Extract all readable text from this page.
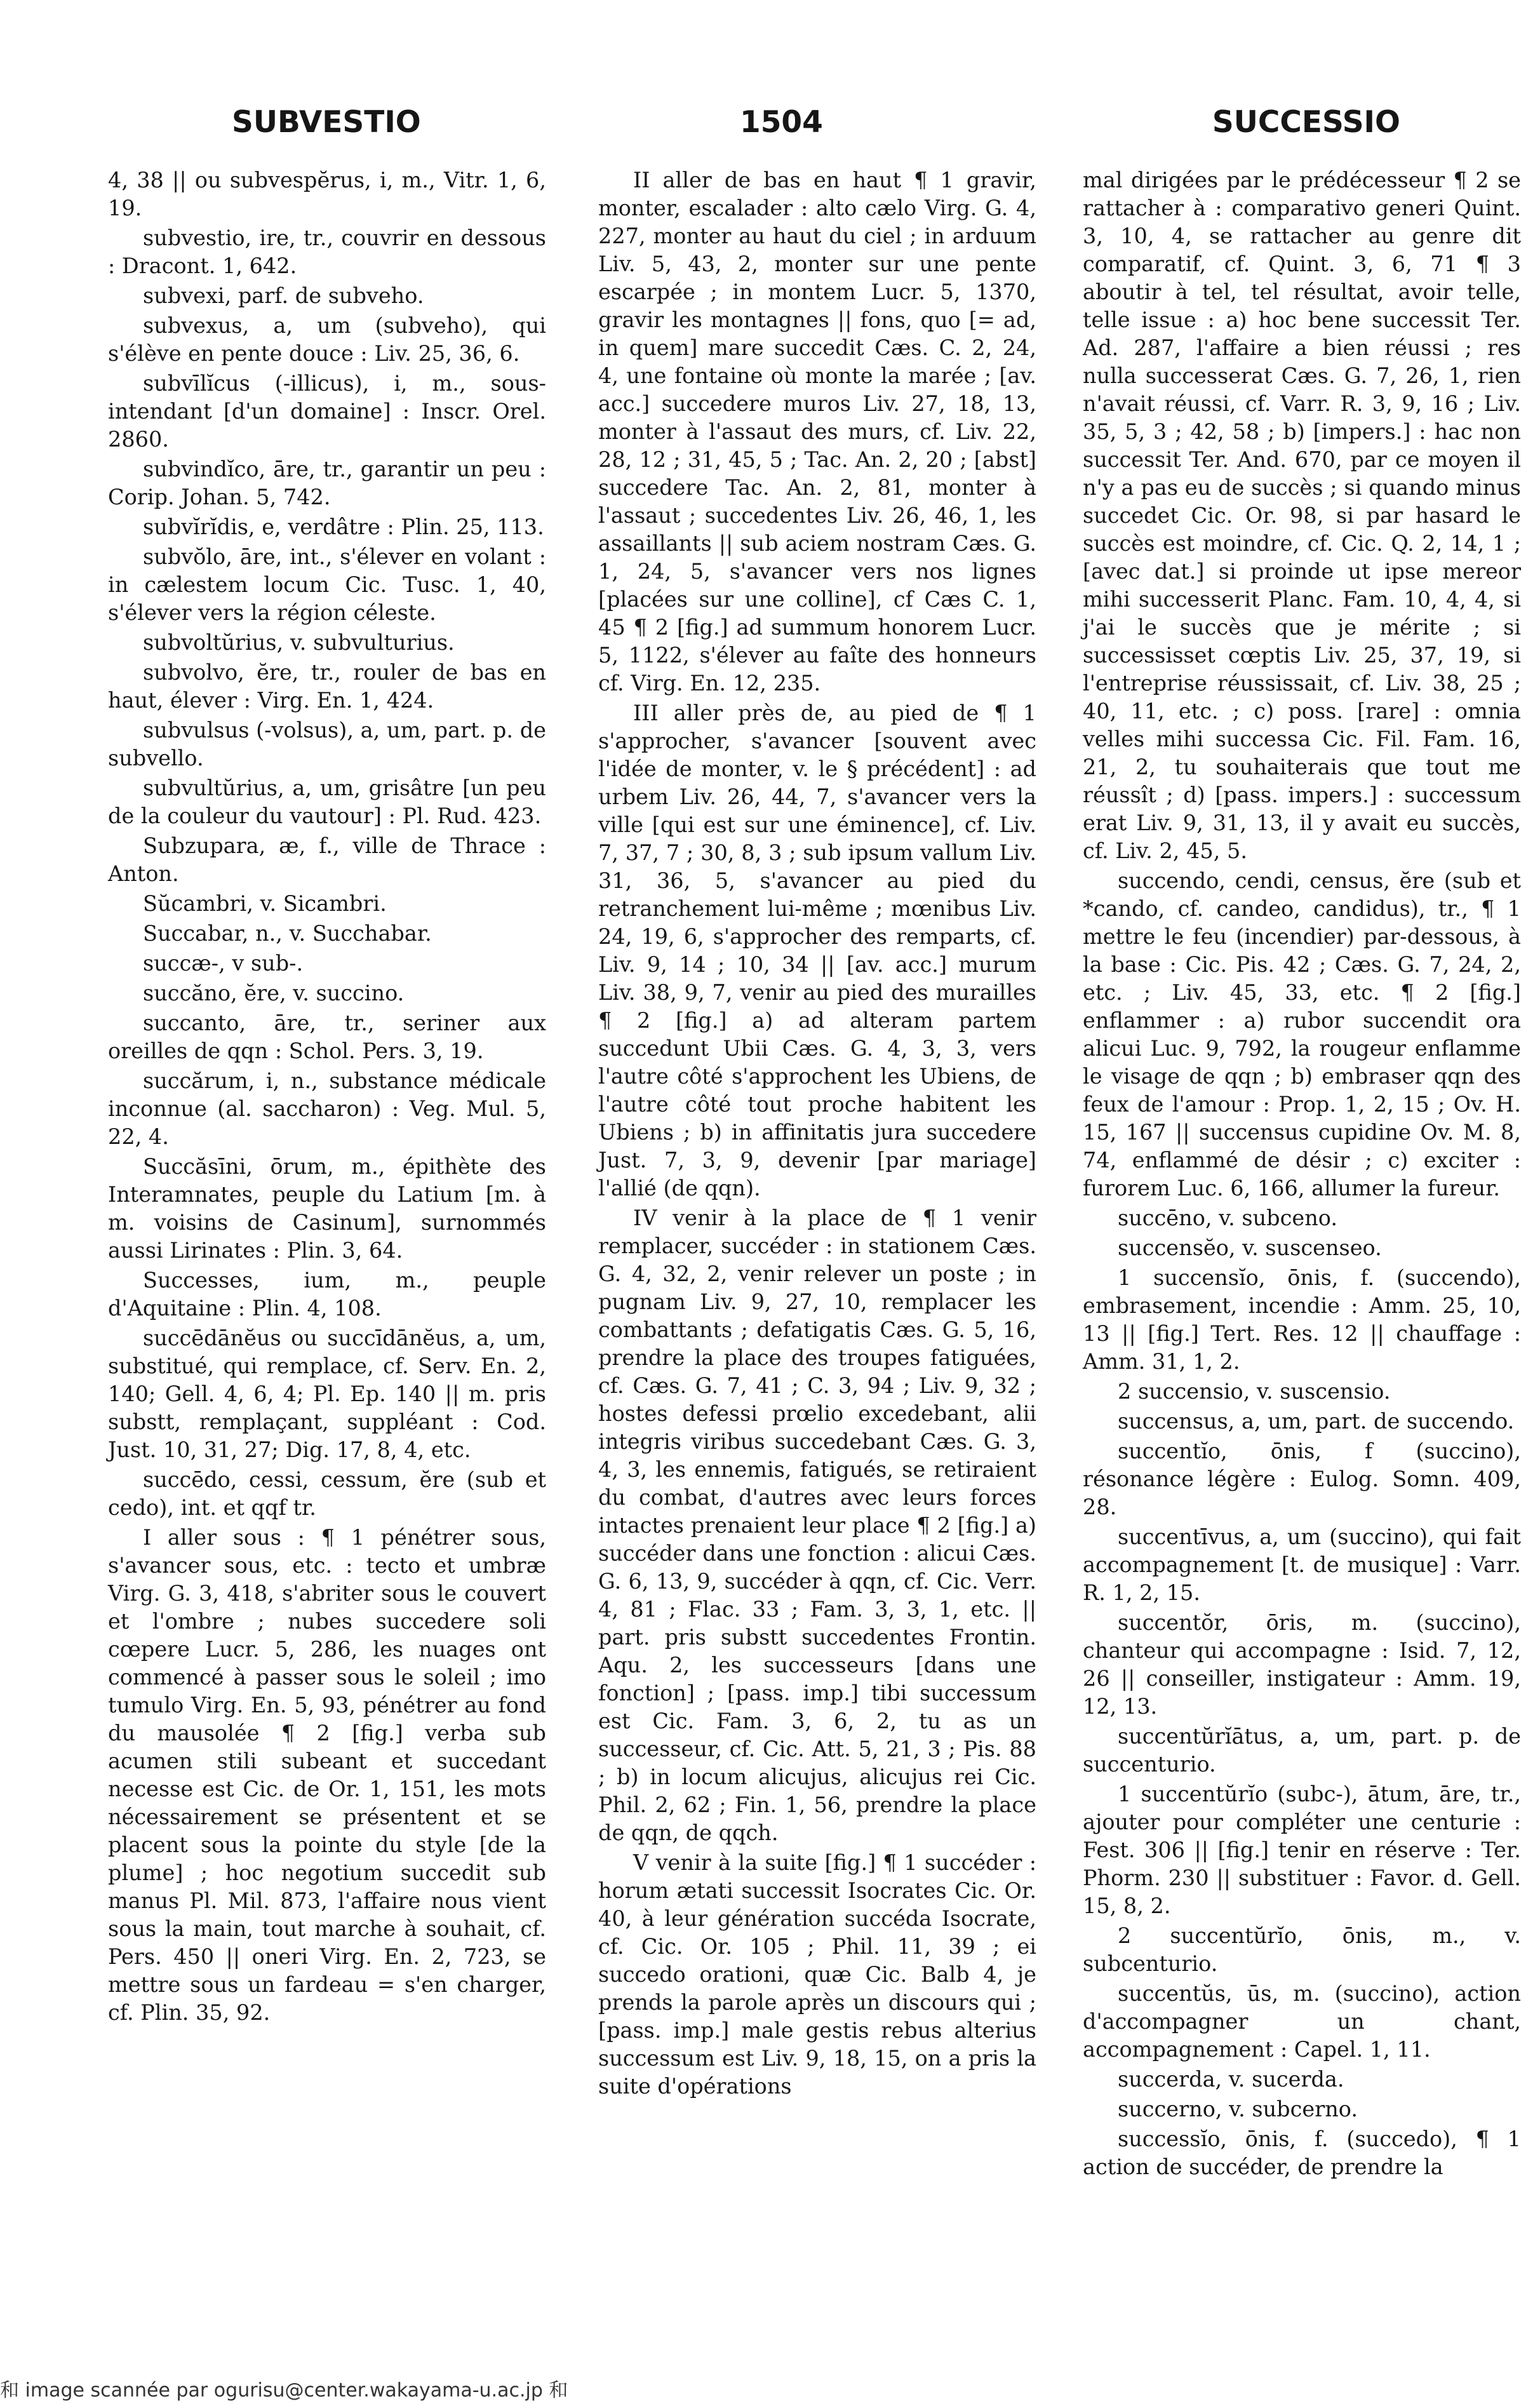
SUBVESTIO	1504	SUCCESSIO

4, 38 || ou subvespĕrus, i, m., Vitr. 1, 6, 19.

subvestio, ire, tr., couvrir en dessous : Dracont. 1, 642.

subvexi, parf. de subveho.

subvexus, a, um (subveho), qui s'élève en pente douce : Liv. 25, 36, 6.

subvīlĭcus (-illicus), i, m., sous-intendant [d'un domaine] : Inscr. Orel. 2860.

subvindĭco, āre, tr., garantir un peu : Corip. Johan. 5, 742.

subvĭrĭdis, e, verdâtre : Plin. 25, 113.

subvŏlo, āre, int., s'élever en volant : in cælestem locum Cic. Tusc. 1, 40, s'élever vers la région céleste.

subvoltŭrius, v. subvulturius.

subvolvo, ĕre, tr., rouler de bas en haut, élever : Virg. En. 1, 424.

subvulsus (-volsus), a, um, part. p. de subvello.

subvultŭrius, a, um, grisâtre [un peu de la couleur du vautour] : Pl. Rud. 423.

Subzupara, æ, f., ville de Thrace : Anton.

Sŭcambri, v. Sicambri.

Succabar, n., v. Succhabar.

succæ-, v sub-.

succăno, ĕre, v. succino.

succanto, āre, tr., seriner aux oreilles de qqn : Schol. Pers. 3, 19.

succărum, i, n., substance médicale inconnue (al. saccharon) : Veg. Mul. 5, 22, 4.

Succăsīni, ōrum, m., épithète des Interamnates, peuple du Latium [m. à m. voisins de Casinum], surnommés aussi Lirinates : Plin. 3, 64.

Successes, ium, m., peuple d'Aquitaine : Plin. 4, 108.

succēdānĕus ou succīdānĕus, a, um, substitué, qui remplace, cf. Serv. En. 2, 140; Gell. 4, 6, 4; Pl. Ep. 140 || m. pris substt, remplaçant, suppléant : Cod. Just. 10, 31, 27; Dig. 17, 8, 4, etc.

succēdo, cessi, cessum, ĕre (sub et cedo), int. et qqf tr.

I aller sous : ¶ 1 pénétrer sous, s'avancer sous, etc. : tecto et umbræ Virg. G. 3, 418, s'abriter sous le couvert et l'ombre ; nubes succedere soli cœpere Lucr. 5, 286, les nuages ont commencé à passer sous le soleil ; imo tumulo Virg. En. 5, 93, pénétrer au fond du mausolée ¶ 2 [fig.] verba sub acumen stili subeant et succedant necesse est Cic. de Or. 1, 151, les mots nécessairement se présentent et se placent sous la pointe du style [de la plume] ; hoc negotium succedit sub manus Pl. Mil. 873, l'affaire nous vient sous la main, tout marche à souhait, cf. Pers. 450 || oneri Virg. En. 2, 723, se mettre sous un fardeau = s'en charger, cf. Plin. 35, 92.

II aller de bas en haut ¶ 1 gravir, monter, escalader : alto cælo Virg. G. 4, 227, monter au haut du ciel ; in arduum Liv. 5, 43, 2, monter sur une pente escarpée ; in montem Lucr. 5, 1370, gravir les montagnes || fons, quo [= ad, in quem] mare succedit Cæs. C. 2, 24, 4, une fontaine où monte la marée ; [av. acc.] succedere muros Liv. 27, 18, 13, monter à l'assaut des murs, cf. Liv. 22, 28, 12 ; 31, 45, 5 ; Tac. An. 2, 20 ; [abst] succedere Tac. An. 2, 81, monter à l'assaut ; succedentes Liv. 26, 46, 1, les assaillants || sub aciem nostram Cæs. G. 1, 24, 5, s'avancer vers nos lignes [placées sur une colline], cf Cæs C. 1, 45 ¶ 2 [fig.] ad summum honorem Lucr. 5, 1122, s'élever au faîte des honneurs cf. Virg. En. 12, 235.

III aller près de, au pied de ¶ 1 s'approcher, s'avancer [souvent avec l'idée de monter, v. le § précédent] : ad urbem Liv. 26, 44, 7, s'avancer vers la ville [qui est sur une éminence], cf. Liv. 7, 37, 7 ; 30, 8, 3 ; sub ipsum vallum Liv. 31, 36, 5, s'avancer au pied du retranchement lui-même ; mœnibus Liv. 24, 19, 6, s'approcher des remparts, cf. Liv. 9, 14 ; 10, 34 || [av. acc.] murum Liv. 38, 9, 7, venir au pied des murailles ¶ 2 [fig.] a) ad alteram partem succedunt Ubii Cæs. G. 4, 3, 3, vers l'autre côté s'approchent les Ubiens, de l'autre côté tout proche habitent les Ubiens ; b) in affinitatis jura succedere Just. 7, 3, 9, devenir [par mariage] l'allié (de qqn).

IV venir à la place de ¶ 1 venir remplacer, succéder : in stationem Cæs. G. 4, 32, 2, venir relever un poste ; in pugnam Liv. 9, 27, 10, remplacer les combattants ; defatigatis Cæs. G. 5, 16, prendre la place des troupes fatiguées, cf. Cæs. G. 7, 41 ; C. 3, 94 ; Liv. 9, 32 ; hostes defessi prœlio excedebant, alii integris viribus succedebant Cæs. G. 3, 4, 3, les ennemis, fatigués, se retiraient du combat, d'autres avec leurs forces intactes prenaient leur place ¶ 2 [fig.] a) succéder dans une fonction : alicui Cæs. G. 6, 13, 9, succéder à qqn, cf. Cic. Verr. 4, 81 ; Flac. 33 ; Fam. 3, 3, 1, etc. || part. pris substt succedentes Frontin. Aqu. 2, les successeurs [dans une fonction] ; [pass. imp.] tibi successum est Cic. Fam. 3, 6, 2, tu as un successeur, cf. Cic. Att. 5, 21, 3 ; Pis. 88 ; b) in locum alicujus, alicujus rei Cic. Phil. 2, 62 ; Fin. 1, 56, prendre la place de qqn, de qqch.

V venir à la suite [fig.] ¶ 1 succéder : horum ætati successit Isocrates Cic. Or. 40, à leur génération succéda Isocrate, cf. Cic. Or. 105 ; Phil. 11, 39 ; ei succedo orationi, quæ Cic. Balb 4, je prends la parole après un discours qui ; [pass. imp.] male gestis rebus alterius successum est Liv. 9, 18, 15, on a pris la suite d'opérations

mal dirigées par le prédécesseur ¶ 2 se rattacher à : comparativo generi Quint. 3, 10, 4, se rattacher au genre dit comparatif, cf. Quint. 3, 6, 71 ¶ 3 aboutir à tel, tel résultat, avoir telle, telle issue : a) hoc bene successit Ter. Ad. 287, l'affaire a bien réussi ; res nulla successerat Cæs. G. 7, 26, 1, rien n'avait réussi, cf. Varr. R. 3, 9, 16 ; Liv. 35, 5, 3 ; 42, 58 ; b) [impers.] : hac non successit Ter. And. 670, par ce moyen il n'y a pas eu de succès ; si quando minus succedet Cic. Or. 98, si par hasard le succès est moindre, cf. Cic. Q. 2, 14, 1 ; [avec dat.] si proinde ut ipse mereor mihi successerit Planc. Fam. 10, 4, 4, si j'ai le succès que je mérite ; si successisset cœptis Liv. 25, 37, 19, si l'entreprise réussissait, cf. Liv. 38, 25 ; 40, 11, etc. ; c) poss. [rare] : omnia velles mihi successa Cic. Fil. Fam. 16, 21, 2, tu souhaiterais que tout me réussît ; d) [pass. impers.] : successum erat Liv. 9, 31, 13, il y avait eu succès, cf. Liv. 2, 45, 5.

succendo, cendi, census, ĕre (sub et *cando, cf. candeo, candidus), tr., ¶ 1 mettre le feu (incendier) par-dessous, à la base : Cic. Pis. 42 ; Cæs. G. 7, 24, 2, etc. ; Liv. 45, 33, etc. ¶ 2 [fig.] enflammer : a) rubor succendit ora alicui Luc. 9, 792, la rougeur enflamme le visage de qqn ; b) embraser qqn des feux de l'amour : Prop. 1, 2, 15 ; Ov. H. 15, 167 || succensus cupidine Ov. M. 8, 74, enflammé de désir ; c) exciter : furorem Luc. 6, 166, allumer la fureur.

succēno, v. subceno.

succensĕo, v. suscenseo.

1 succensĭo, ōnis, f. (succendo), embrasement, incendie : Amm. 25, 10, 13 || [fig.] Tert. Res. 12 || chauffage : Amm. 31, 1, 2.

2 succensio, v. suscensio.

succensus, a, um, part. de succendo.

succentĭo, ōnis, f (succino), résonance légère : Eulog. Somn. 409, 28.

succentīvus, a, um (succino), qui fait accompagnement [t. de musique] : Varr. R. 1, 2, 15.

succentŏr, ōris, m. (succino), chanteur qui accompagne : Isid. 7, 12, 26 || conseiller, instigateur : Amm. 19, 12, 13.

succentŭrĭātus, a, um, part. p. de succenturio.

1 succentŭrĭo (subc-), ātum, āre, tr., ajouter pour compléter une centurie : Fest. 306 || [fig.] tenir en réserve : Ter. Phorm. 230 || substituer : Favor. d. Gell. 15, 8, 2.

2 succentŭrĭo, ōnis, m., v. subcenturio.

succentŭs, ūs, m. (succino), action d'accompagner un chant, accompagnement : Capel. 1, 11.

succerda, v. sucerda.

succerno, v. subcerno.

successĭo, ōnis, f. (succedo), ¶ 1 action de succéder, de prendre la

和 image scannée par ogurisu@center.wakayama-u.ac.jp 和
